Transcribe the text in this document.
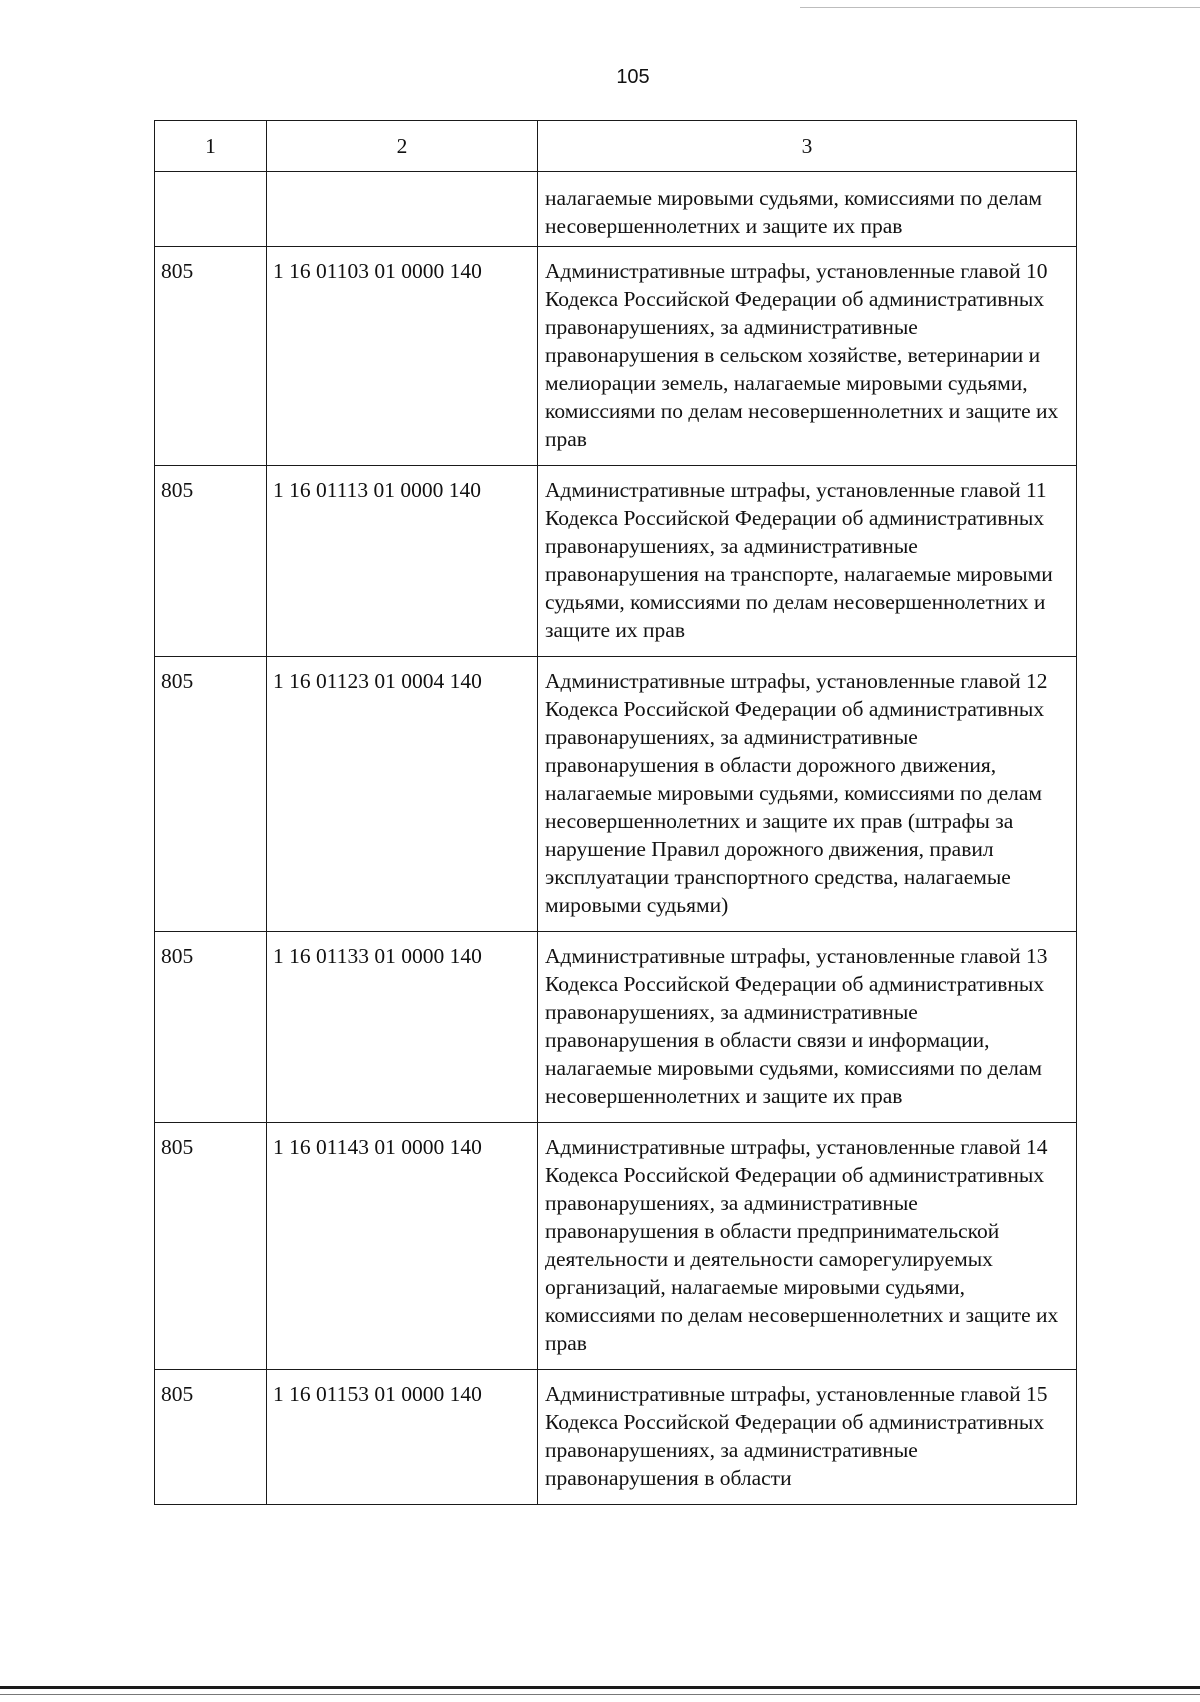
105
1	2	3
		налагаемые мировыми судьями, комиссиями по делам несовершеннолетних и защите их прав
805	1 16 01103 01 0000 140	Административные штрафы, установленные главой 10 Кодекса Российской Федерации об административных правонарушениях, за административные правонарушения в сельском хозяйстве, ветеринарии и мелиорации земель, налагаемые мировыми судьями, комиссиями по делам несовершеннолетних и защите их прав
805	1 16 01113 01 0000 140	Административные штрафы, установленные главой 11 Кодекса Российской Федерации об административных правонарушениях, за административные правонарушения на транспорте, налагаемые мировыми судьями, комиссиями по делам несовершеннолетних и защите их прав
805	1 16 01123 01 0004 140	Административные штрафы, установленные главой 12 Кодекса Российской Федерации об административных правонарушениях, за административные правонарушения в области дорожного движения, налагаемые мировыми судьями, комиссиями по делам несовершеннолетних и защите их прав (штрафы за нарушение Правил дорожного движения, правил эксплуатации транспортного средства, налагаемые мировыми судьями)
805	1 16 01133 01 0000 140	Административные штрафы, установленные главой 13 Кодекса Российской Федерации об административных правонарушениях, за административные правонарушения в области связи и информации, налагаемые мировыми судьями, комиссиями по делам несовершеннолетних и защите их прав
805	1 16 01143 01 0000 140	Административные штрафы, установленные главой 14 Кодекса Российской Федерации об административных правонарушениях, за административные правонарушения в области предпринимательской деятельности и деятельности саморегулируемых организаций, налагаемые мировыми судьями, комиссиями по делам несовершеннолетних и защите их прав
805	1 16 01153 01 0000 140	Административные штрафы, установленные главой 15 Кодекса Российской Федерации об административных правонарушениях, за административные правонарушения в области
